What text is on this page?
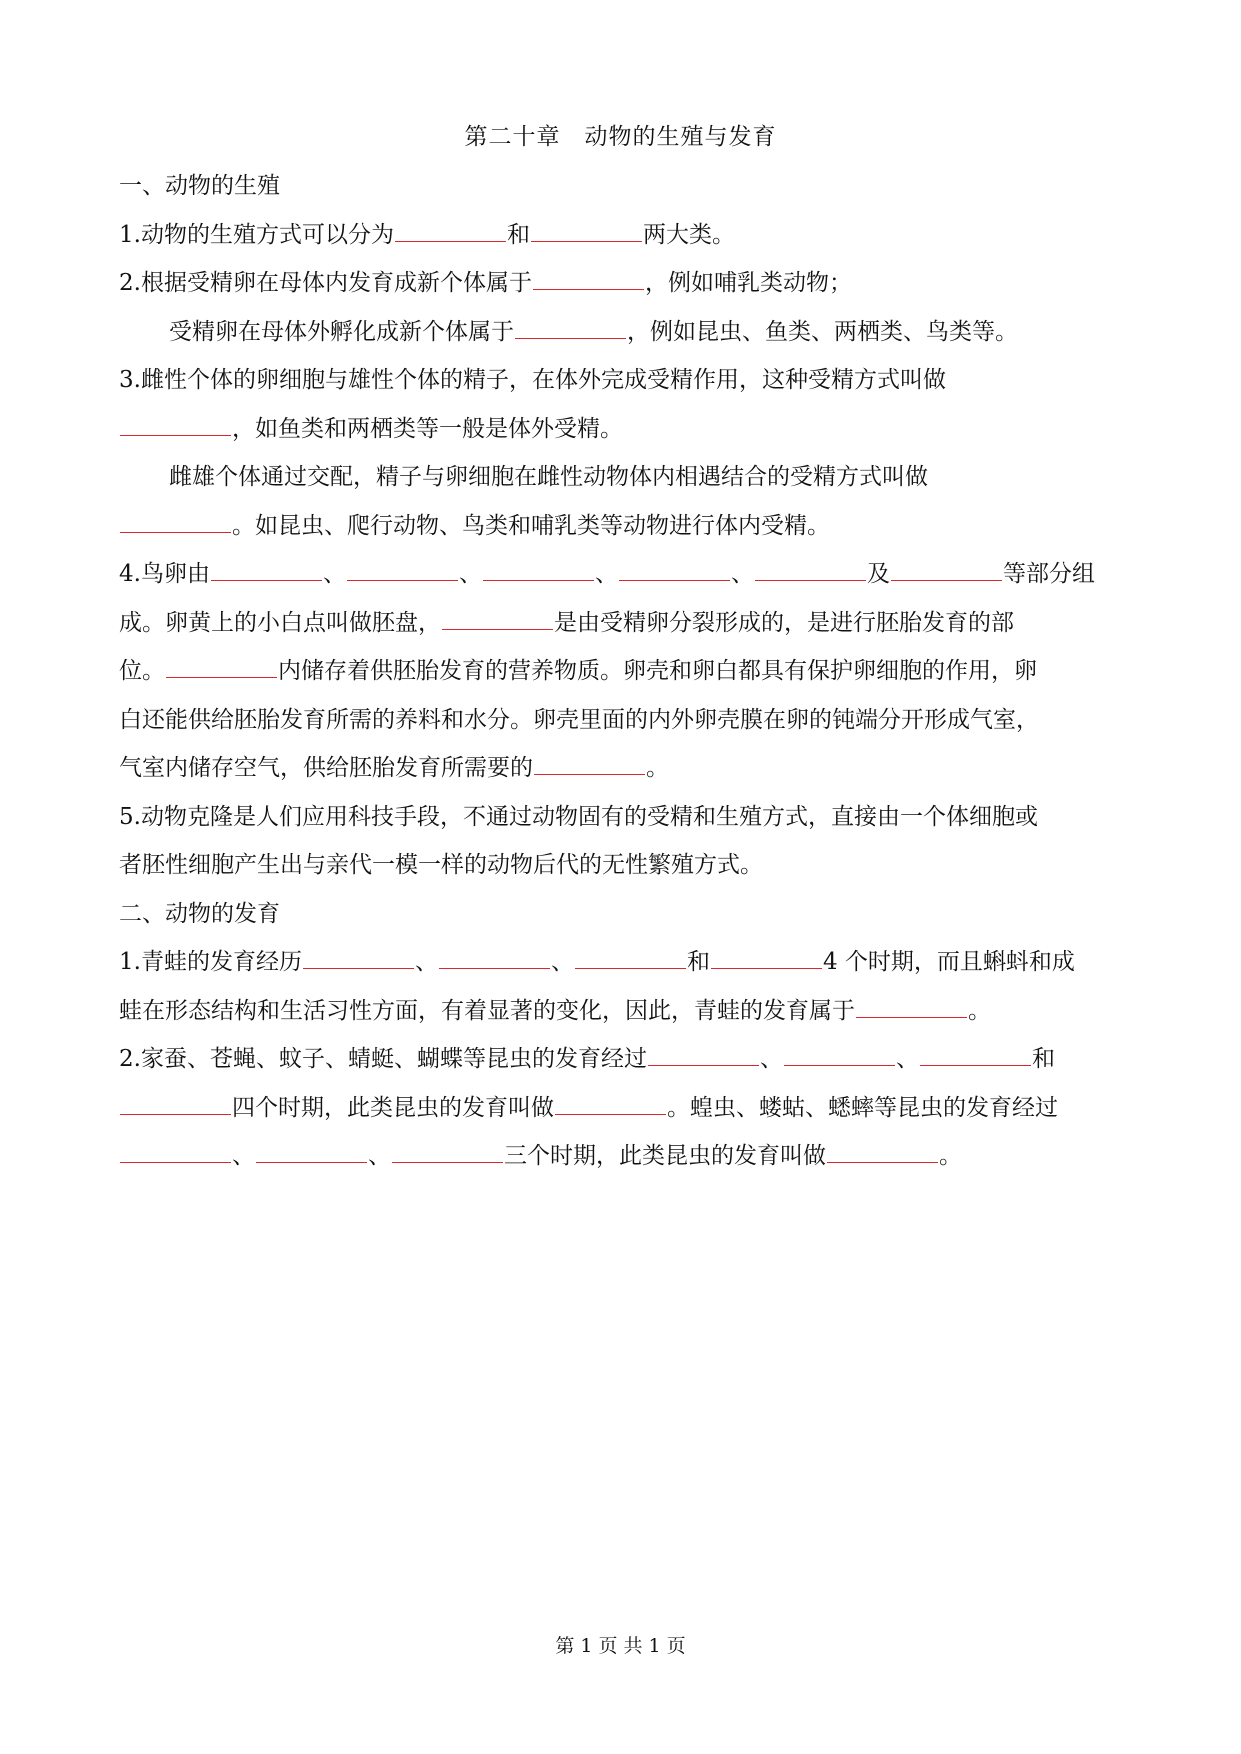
第二十章　动物的生殖与发育
一、动物的生殖
1.动物的生殖方式可以分为	和	两大类。
2.根据受精卵在母体内发育成新个体属于	，例如哺乳类动物；
受精卵在母体外孵化成新个体属于	，例如昆虫、鱼类、两栖类、鸟类等。
3.雌性个体的卵细胞与雄性个体的精子，在体外完成受精作用，这种受精方式叫做
，如鱼类和两栖类等一般是体外受精。
雌雄个体通过交配，精子与卵细胞在雌性动物体内相遇结合的受精方式叫做
。如昆虫、爬行动物、鸟类和哺乳类等动物进行体内受精。
4.鸟卵由	、	、	、	、	及	等部分组
成。卵黄上的小白点叫做胚盘，	是由受精卵分裂形成的，是进行胚胎发育的部
位。	内储存着供胚胎发育的营养物质。卵壳和卵白都具有保护卵细胞的作用，卵
白还能供给胚胎发育所需的养料和水分。卵壳里面的内外卵壳膜在卵的钝端分开形成气室，
气室内储存空气，供给胚胎发育所需要的	。
5.动物克隆是人们应用科技手段，不通过动物固有的受精和生殖方式，直接由一个体细胞或
者胚性细胞产生出与亲代一模一样的动物后代的无性繁殖方式。
二、动物的发育
1.青蛙的发育经历	、	、	和	4 个时期，而且蝌蚪和成
蛙在形态结构和生活习性方面，有着显著的变化，因此，青蛙的发育属于	。
2.家蚕、苍蝇、蚊子、蜻蜓、蝴蝶等昆虫的发育经过	、	、	和
四个时期，此类昆虫的发育叫做	。蝗虫、蝼蛄、蟋蟀等昆虫的发育经过
、	、	三个时期，此类昆虫的发育叫做	。
第 1 页 共 1 页
